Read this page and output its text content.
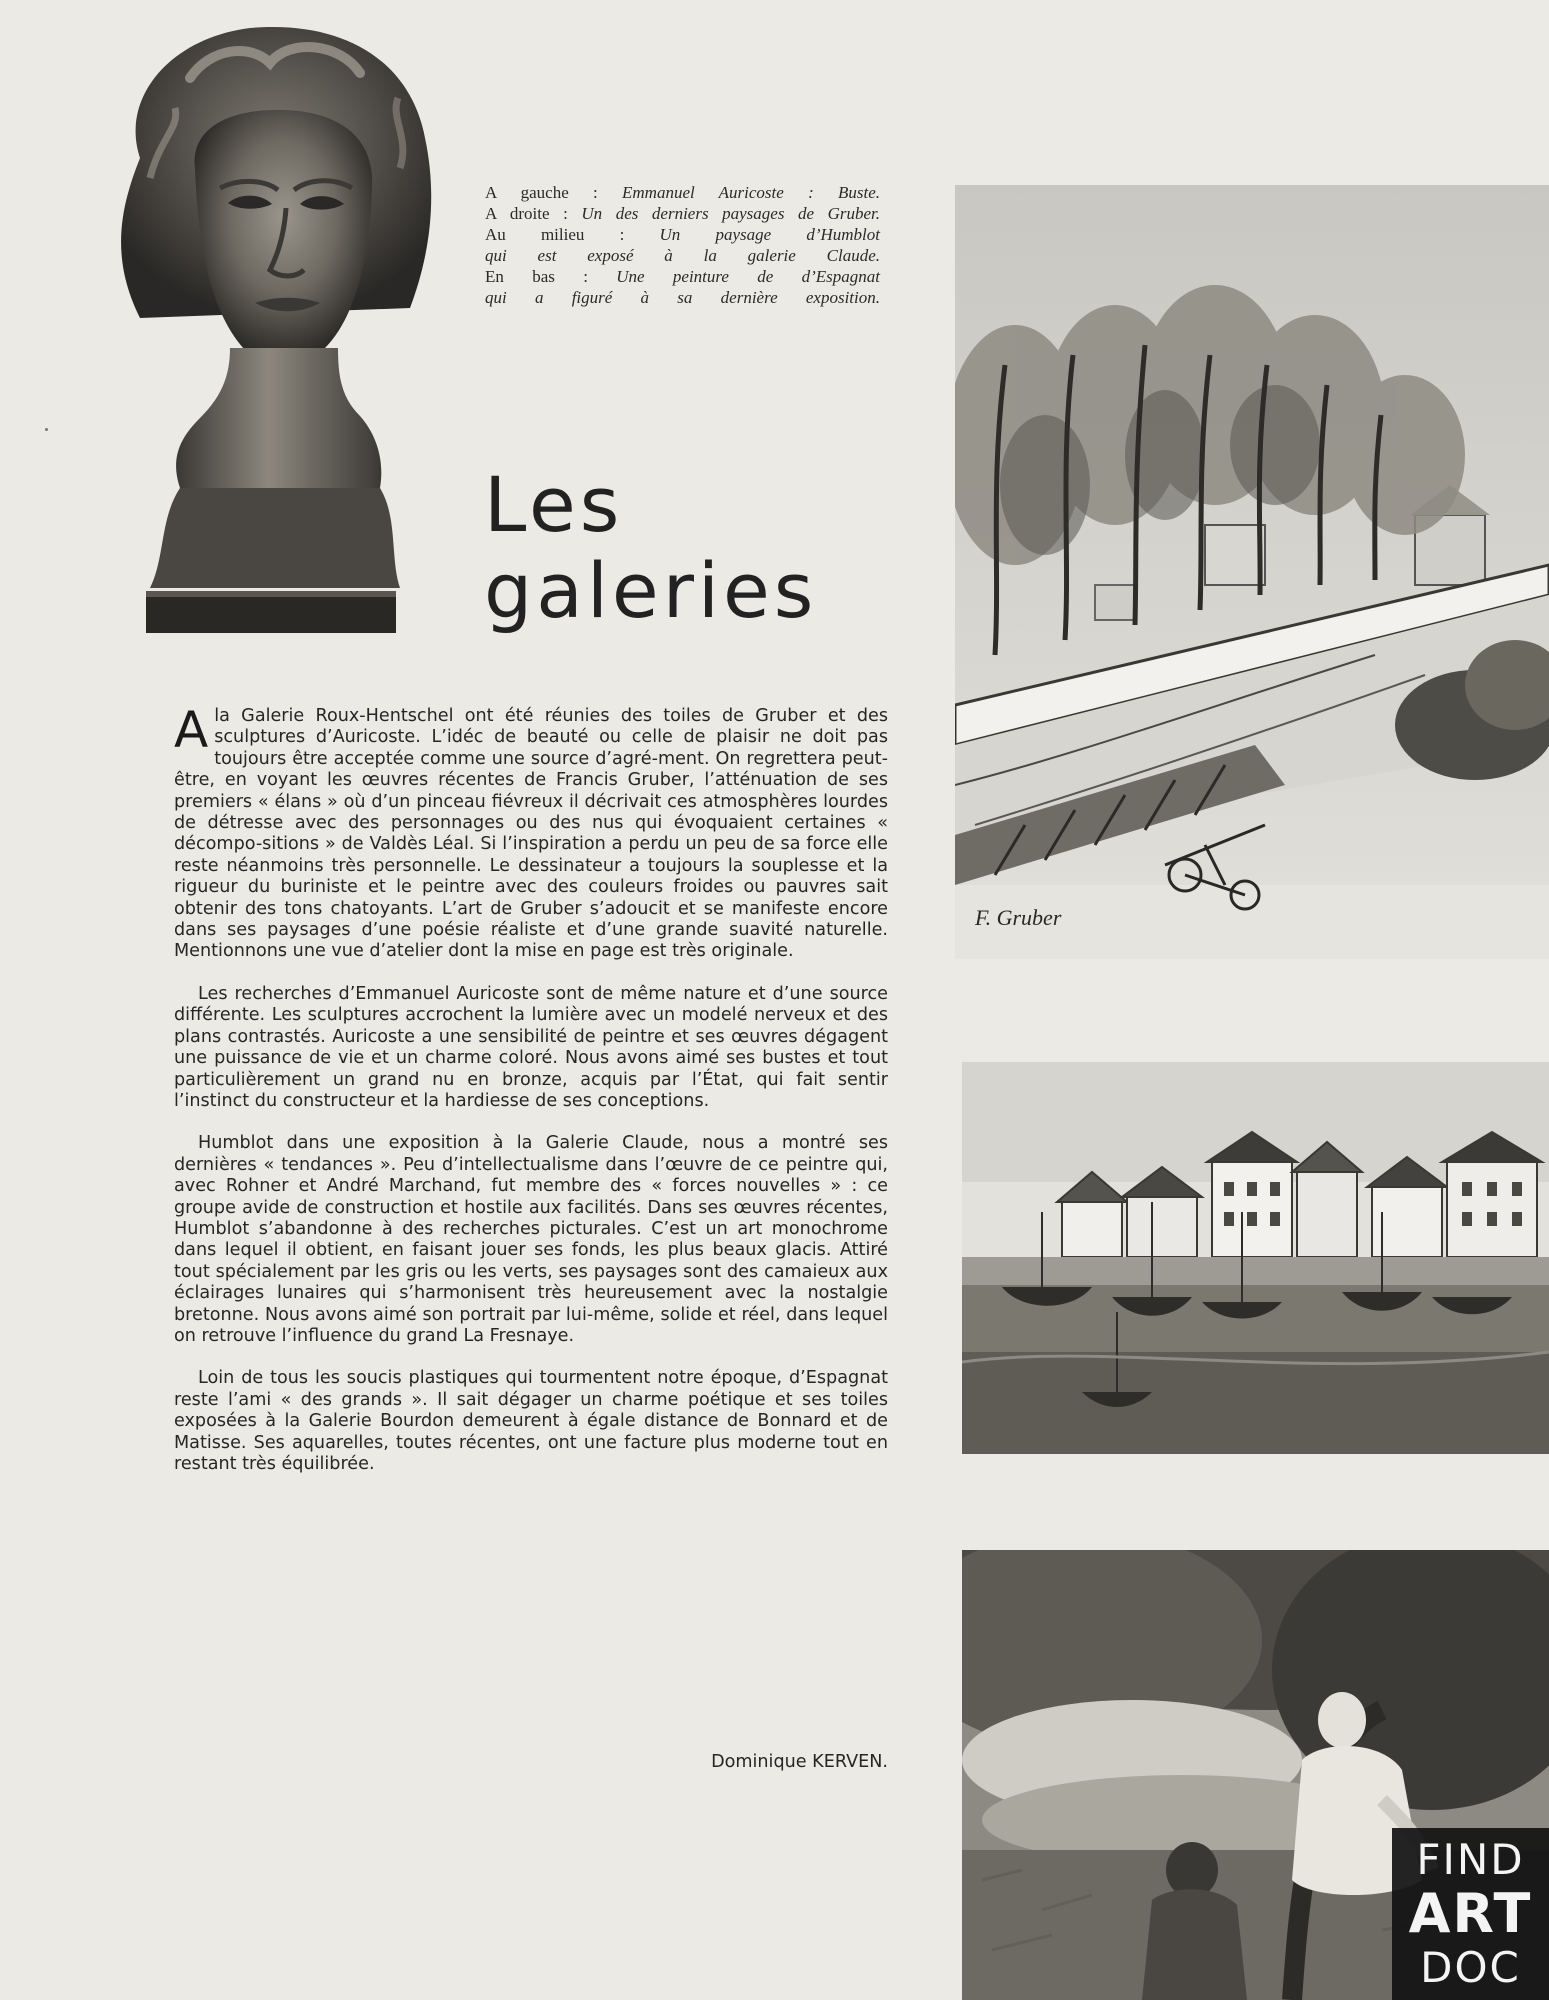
A gauche : Emmanuel Auricoste : Buste.
A droite : Un des derniers paysages de Gruber.
Au milieu : Un paysage d’Humblot
qui est exposé à la galerie Claude.
En bas : Une peinture de d’Espagnat
qui a figuré à sa dernière exposition.
Les
galeries

Ala Galerie Roux-Hentschel ont été réunies des toiles de Gruber et des sculptures d’Auricoste. L’idéc de beauté ou celle de plaisir ne doit pas toujours être acceptée comme une source d’agré-ment. On regrettera peut-être, en voyant les œuvres récentes de Francis Gruber, l’atténuation de ses premiers « élans » où d’un pinceau fiévreux il décrivait ces atmosphères lourdes de détresse avec des personnages ou des nus qui évoquaient certaines « décompo-sitions » de Valdès Léal. Si l’inspiration a perdu un peu de sa force elle reste néanmoins très personnelle. Le dessinateur a toujours la souplesse et la rigueur du buriniste et le peintre avec des couleurs froides ou pauvres sait obtenir des tons chatoyants. L’art de Gruber s’adoucit et se manifeste encore dans ses paysages d’une poésie réaliste et d’une grande suavité naturelle. Mentionnons une vue d’atelier dont la mise en page est très originale.

Les recherches d’Emmanuel Auricoste sont de même nature et d’une source différente. Les sculptures accrochent la lumière avec un modelé nerveux et des plans contrastés. Auricoste a une sensibilité de peintre et ses œuvres dégagent une puissance de vie et un charme coloré. Nous avons aimé ses bustes et tout particulièrement un grand nu en bronze, acquis par l’État, qui fait sentir l’instinct du constructeur et la hardiesse de ses conceptions.

Humblot dans une exposition à la Galerie Claude, nous a montré ses dernières « tendances ». Peu d’intellectualisme dans l’œuvre de ce peintre qui, avec Rohner et André Marchand, fut membre des « forces nouvelles » : ce groupe avide de construction et hostile aux facilités. Dans ses œuvres récentes, Humblot s’abandonne à des recherches picturales. C’est un art monochrome dans lequel il obtient, en faisant jouer ses fonds, les plus beaux glacis. Attiré tout spécialement par les gris ou les verts, ses paysages sont des camaieux aux éclairages lunaires qui s’harmonisent très heureusement avec la nostalgie bretonne. Nous avons aimé son portrait par lui-même, solide et réel, dans lequel on retrouve l’influence du grand La Fresnaye.

Loin de tous les soucis plastiques qui tourmentent notre époque, d’Espagnat reste l’ami « des grands ». Il sait dégager un charme poétique et ses toiles exposées à la Galerie Bourdon demeurent à égale distance de Bonnard et de Matisse. Ses aquarelles, toutes récentes, ont une facture plus moderne tout en restant très équilibrée.

Dominique KERVEN.
F. Gruber
FIND
ART
DOC
